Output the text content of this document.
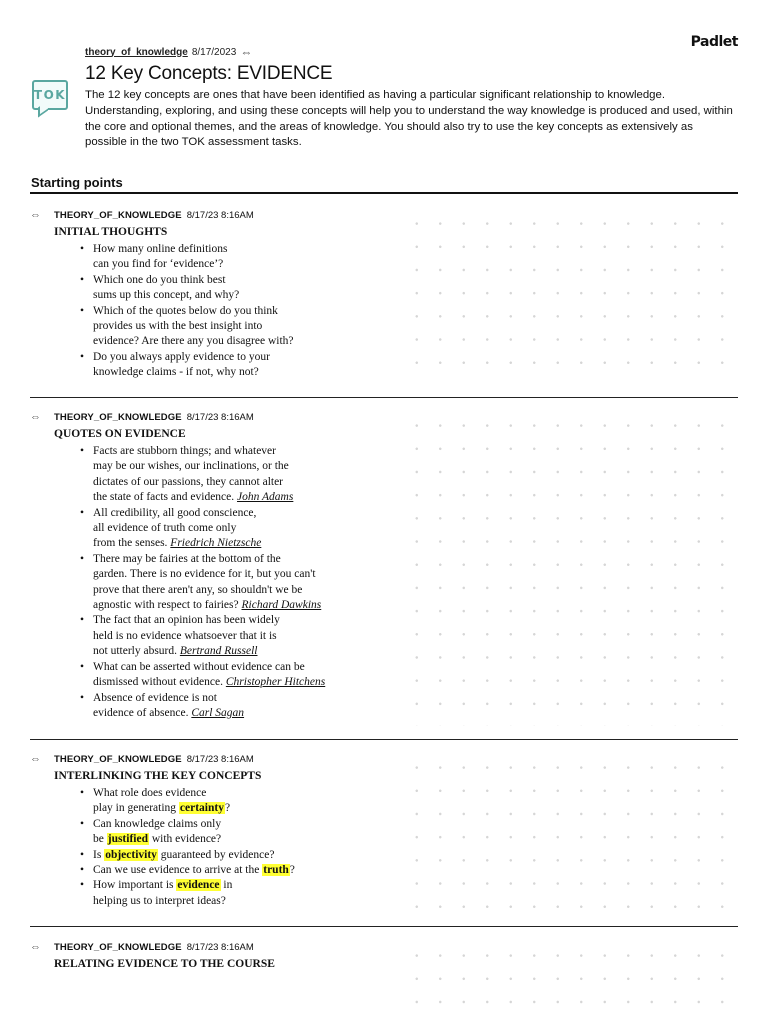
Padlet
TOK
theory_of_knowledge 8/17/2023 ⇔
12 Key Concepts: EVIDENCE

The 12 key concepts are ones that have been identified as having a particular significant relationship to knowledge. Understanding, exploring, and using these concepts will help you to understand the way knowledge is produced and used, within the core and optional themes, and the areas of knowledge. You should also try to use the key concepts as extensively as possible in the two TOK assessment tasks.

Starting points
⇔	THEORY_OF_KNOWLEDGE 8/17/23 8:16AM
INITIAL THOUGHTS
• How many online definitions
can you find for ‘evidence’?
• Which one do you think best
sums up this concept, and why?
• Which of the quotes below do you think
provides us with the best insight into
evidence? Are there any you disagree with?
• Do you always apply evidence to your
knowledge claims - if not, why not?
⇔	THEORY_OF_KNOWLEDGE 8/17/23 8:16AM
QUOTES ON EVIDENCE
• Facts are stubborn things; and whatever
may be our wishes, our inclinations, or the
dictates of our passions, they cannot alter
the state of facts and evidence. John Adams
• All credibility, all good conscience,
all evidence of truth come only
from the senses. Friedrich Nietzsche
• There may be fairies at the bottom of the
garden. There is no evidence for it, but you can't
prove that there aren't any, so shouldn't we be
agnostic with respect to fairies? Richard Dawkins
• The fact that an opinion has been widely
held is no evidence whatsoever that it is
not utterly absurd. Bertrand Russell
• What can be asserted without evidence can be
dismissed without evidence. Christopher Hitchens
• Absence of evidence is not
evidence of absence. Carl Sagan
⇔	THEORY_OF_KNOWLEDGE 8/17/23 8:16AM
INTERLINKING THE KEY CONCEPTS
• What role does evidence
play in generating certainty?
• Can knowledge claims only
be justified with evidence?
• Is objectivity guaranteed by evidence?
• Can we use evidence to arrive at the truth?
• How important is evidence in
helping us to interpret ideas?
⇔	THEORY_OF_KNOWLEDGE 8/17/23 8:16AM
RELATING EVIDENCE TO THE COURSE
